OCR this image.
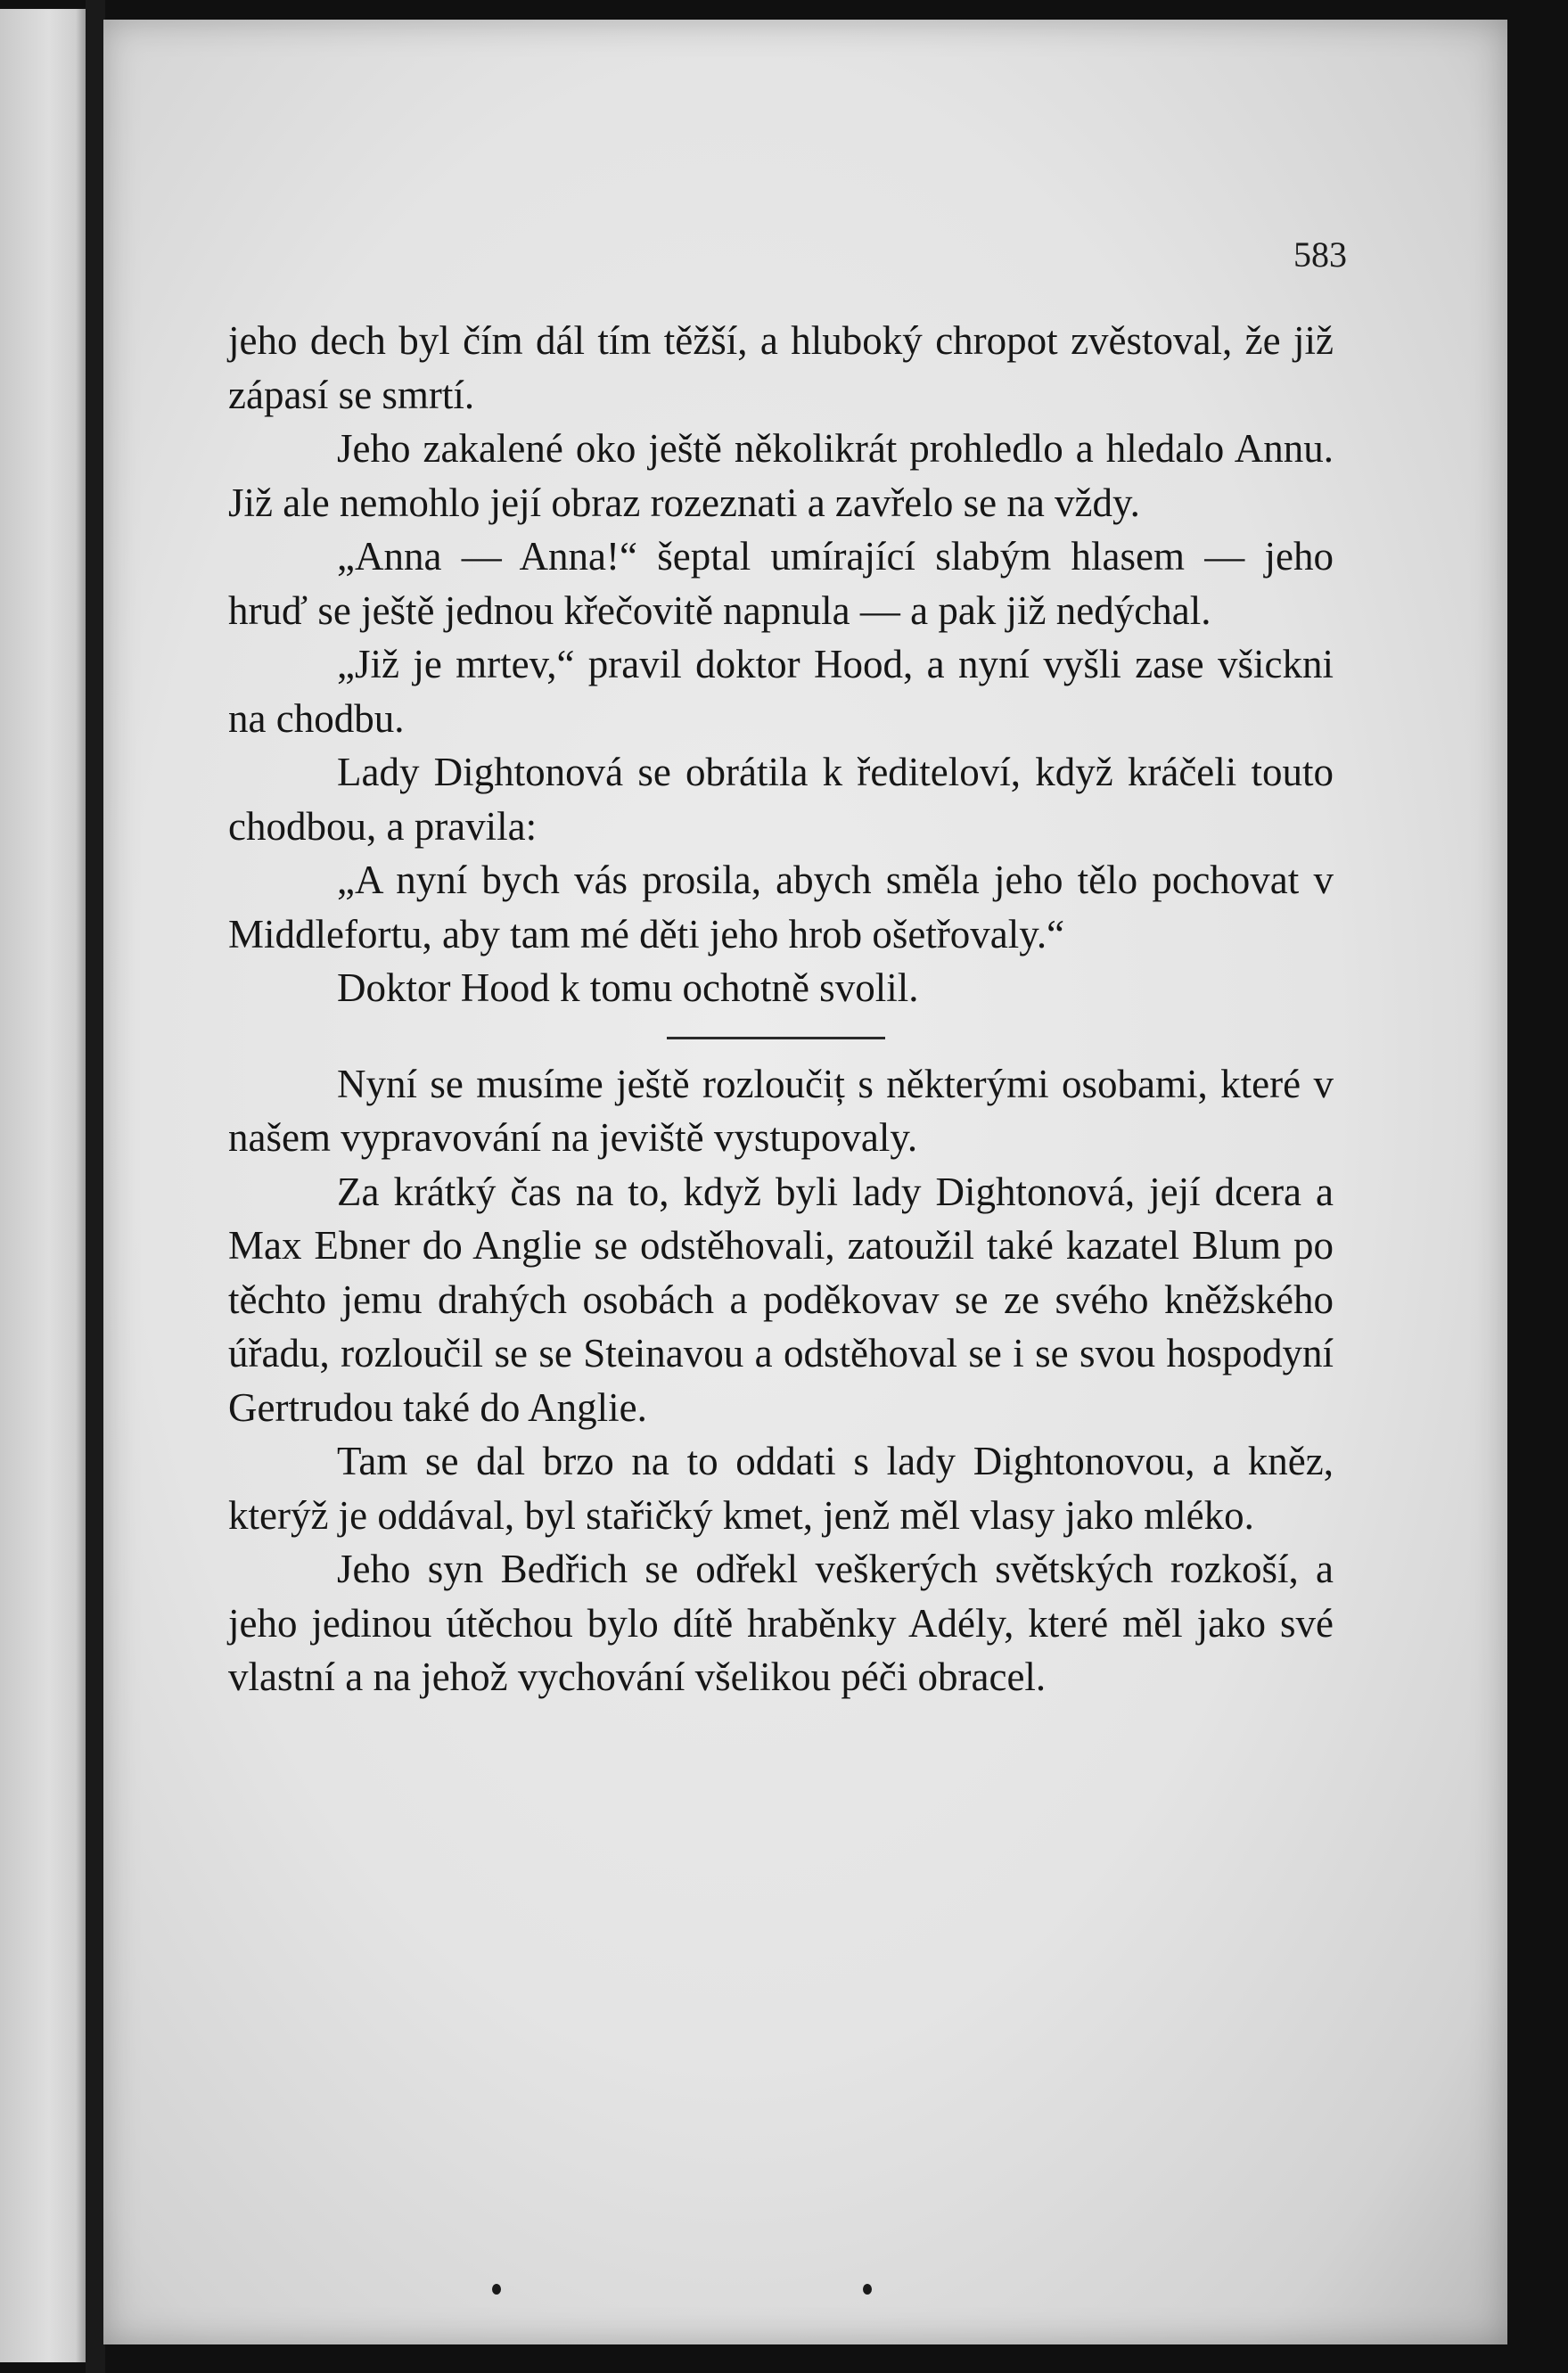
583

jeho dech byl čím dál tím těžší, a hluboký chropot zvěstoval, že již zápasí se smrtí.

Jeho zakalené oko ještě několikrát prohledlo a hledalo Annu. Již ale nemohlo její obraz rozeznati a zavřelo se na vždy.

„Anna — Anna!“ šeptal umírající slabým hlasem — jeho hruď se ještě jednou křečovitě napnula — a pak již nedýchal.

„Již je mrtev,“ pravil doktor Hood, a nyní vyšli zase všickni na chodbu.

Lady Dightonová se obrátila k řediteloví, když kráčeli touto chodbou, a pravila:

„A nyní bych vás prosila, abych směla jeho tělo pochovat v Middlefortu, aby tam mé děti jeho hrob ošetřovaly.“

Doktor Hood k tomu ochotně svolil.

Nyní se musíme ještě rozloučiț s některými osobami, které v našem vypravování na jeviště vystupovaly.

Za krátký čas na to, když byli lady Dightonová, její dcera a Max Ebner do Anglie se odstěhovali, zatoužil také kazatel Blum po těchto jemu drahých osobách a poděkovav se ze svého kněžského úřadu, rozloučil se se Steinavou a odstěhoval se i se svou hospodyní Gertrudou také do Anglie.

Tam se dal brzo na to oddati s lady Dightonovou, a kněz, kterýž je oddával, byl stařičký kmet, jenž měl vlasy jako mléko.

Jeho syn Bedřich se odřekl veškerých světských rozkoší, a jeho jedinou útěchou bylo dítě hraběnky Adély, které měl jako své vlastní a na jehož vychování všelikou péči obracel.
